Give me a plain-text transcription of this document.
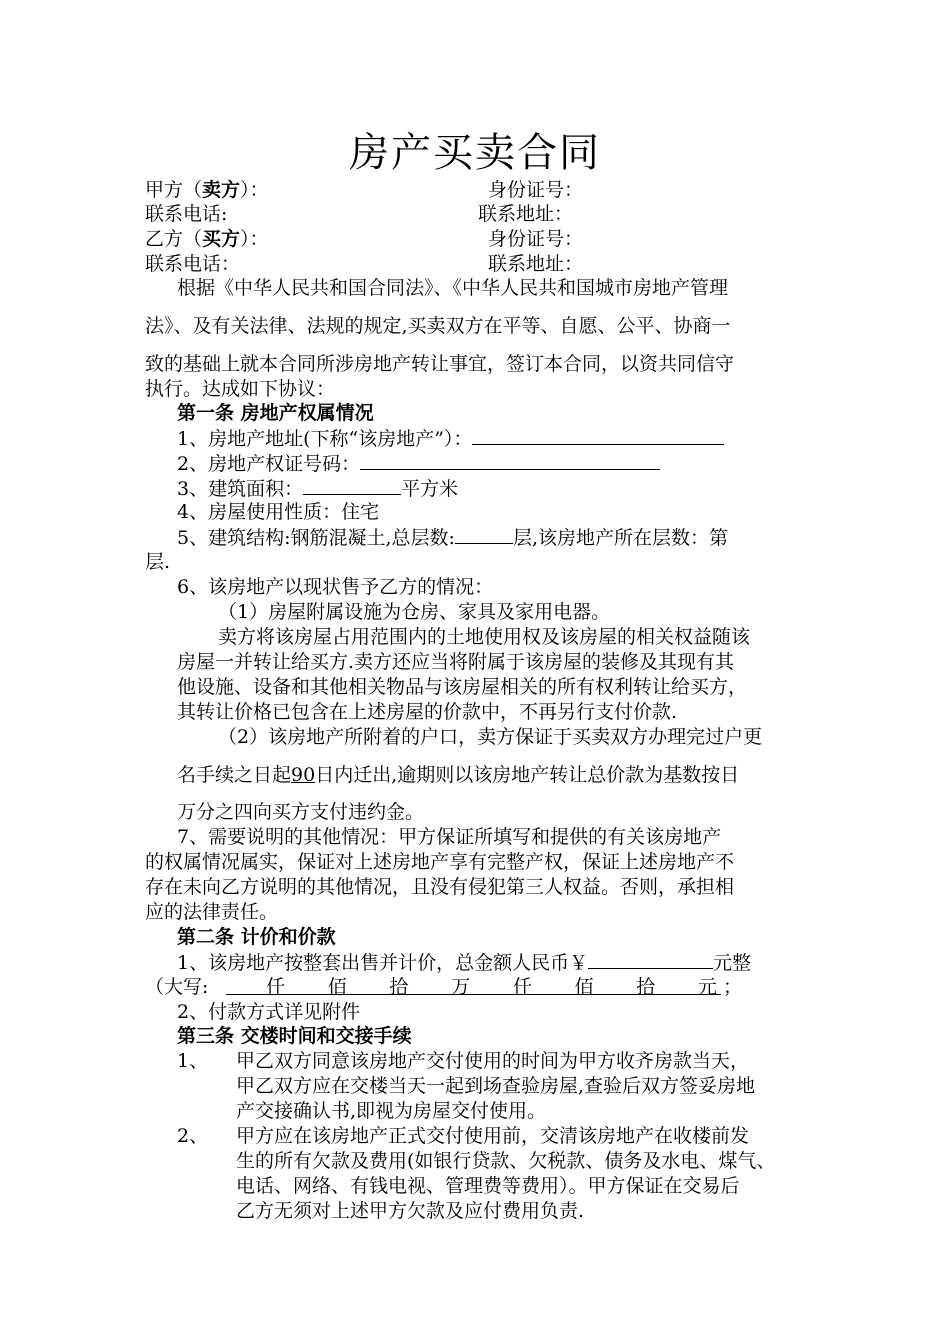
房产买卖合同
甲方（卖方）：	身份证号：
联系电话:	联系地址：
乙方（买方）：	身份证号：
联系电话：	联系地址：
根据《中华人民共和国合同法》、《中华人民共和国城市房地产管理
法》、及有关法律、法规的规定,买卖双方在平等、自愿、公平、协商一
致的基础上就本合同所涉房地产转让事宜，签订本合同，以资共同信守
执行。达成如下协议：
第一条 房地产权属情况
1、房地产地址(下称“该房地产”）：
2、房地产权证号码：
3、建筑面积：	平方米
4、房屋使用性质：住宅
5、建筑结构:钢筋混凝土,总层数:	层,该房地产所在层数：第
层.
6、该房地产以现状售予乙方的情况：
（1）房屋附属设施为仓房、家具及家用电器。
卖方将该房屋占用范围内的土地使用权及该房屋的相关权益随该
房屋一并转让给买方.卖方还应当将附属于该房屋的装修及其现有其
他设施、设备和其他相关物品与该房屋相关的所有权利转让给买方，
其转让价格已包含在上述房屋的价款中，不再另行支付价款.
（2）该房地产所附着的户口，卖方保证于买卖双方办理完过户更
名手续之日起90日内迁出,逾期则以该房地产转让总价款为基数按日
万分之四向买方支付违约金。
7、需要说明的其他情况：甲方保证所填写和提供的有关该房地产
的权属情况属实，保证对上述房地产享有完整产权，保证上述房地产不
存在未向乙方说明的其他情况，且没有侵犯第三人权益。否则，承担相
应的法律责任。
第二条 计价和价款
1、该房地产按整套出售并计价，总金额人民币￥	元整
（大写:	仟 佰 拾 万 仟 佰 拾 元 ；
2、付款方式详见附件
第三条 交楼时间和交接手续
1、 甲乙双方同意该房地产交付使用的时间为甲方收齐房款当天，
甲乙双方应在交楼当天一起到场查验房屋,查验后双方签妥房地
产交接确认书,即视为房屋交付使用。
2、 甲方应在该房地产正式交付使用前，交清该房地产在收楼前发
生的所有欠款及费用(如银行贷款、欠税款、债务及水电、煤气、
电话、网络、有钱电视、管理费等费用）。甲方保证在交易后
乙方无须对上述甲方欠款及应付费用负责.
